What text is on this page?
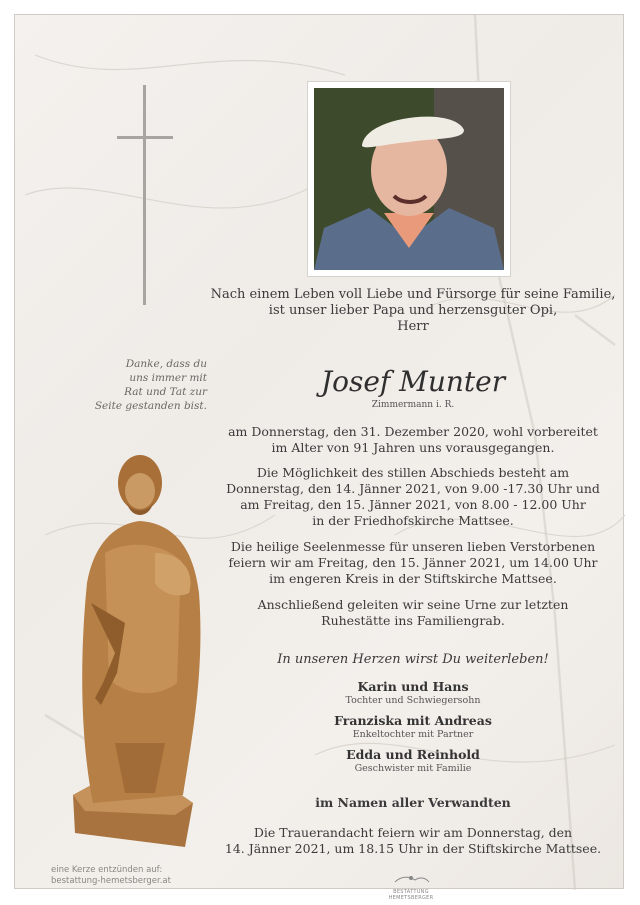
Nach einem Leben voll Liebe und Fürsorge für seine Familie,
ist unser lieber Papa und herzensguter Opi,
Herr
Danke, dass du
uns immer mit
Rat und Tat zur
Seite gestanden bist.
Josef Munter
Zimmermann i. R.
am Donnerstag, den 31. Dezember 2020, wohl vorbereitet
im Alter von 91 Jahren uns vorausgegangen.
Die Möglichkeit des stillen Abschieds besteht am
Donnerstag, den 14. Jänner 2021, von 9.00 -17.30 Uhr und
am Freitag, den 15. Jänner 2021, von 8.00 - 12.00 Uhr
in der Friedhofskirche Mattsee.
Die heilige Seelenmesse für unseren lieben Verstorbenen
feiern wir am Freitag, den 15. Jänner 2021, um 14.00 Uhr
im engeren Kreis in der Stiftskirche Mattsee.
Anschließend geleiten wir seine Urne zur letzten
Ruhestätte ins Familiengrab.
In unseren Herzen wirst Du weiterleben!
Karin und Hans
Tochter und Schwiegersohn
Franziska mit Andreas
Enkeltochter mit Partner
Edda und Reinhold
Geschwister mit Familie
im Namen aller Verwandten
Die Trauerandacht feiern wir am Donnerstag, den
14. Jänner 2021, um 18.15 Uhr in der Stiftskirche Mattsee.
eine Kerze entzünden auf:
bestattung-hemetsberger.at
BESTATTUNG
HEMETSBERGER
